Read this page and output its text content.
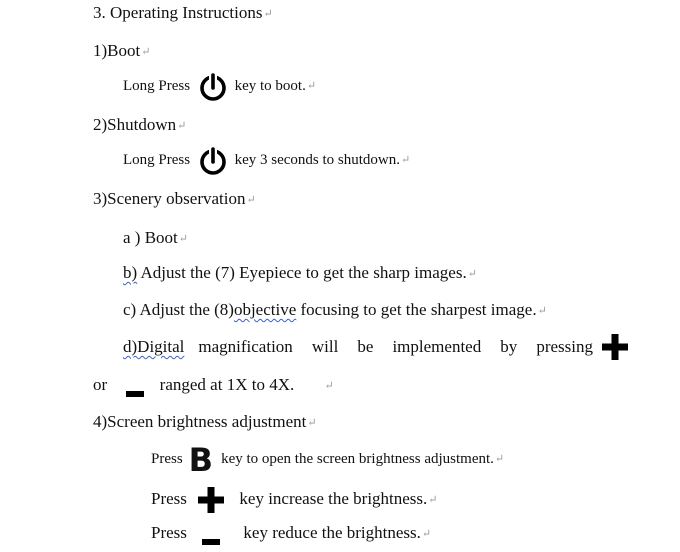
3. Operating Instructions↵
1)Boot↵
Long Press	key to boot.↵
2)Shutdown↵
Long Press	key 3 seconds to shutdown.↵
3)Scenery observation↵
a ) Boot↵
b) Adjust the (7) Eyepiece to get the sharp images.↵
c) Adjust the (8)objective focusing to get the sharpest image.↵
d)Digital magnification will be implemented by pressing
or	ranged at 1X to 4X.	↵
4)Screen brightness adjustment↵
Press B key to open the screen brightness adjustment.↵
Press	key increase the brightness.↵
Press	key reduce the brightness.↵
